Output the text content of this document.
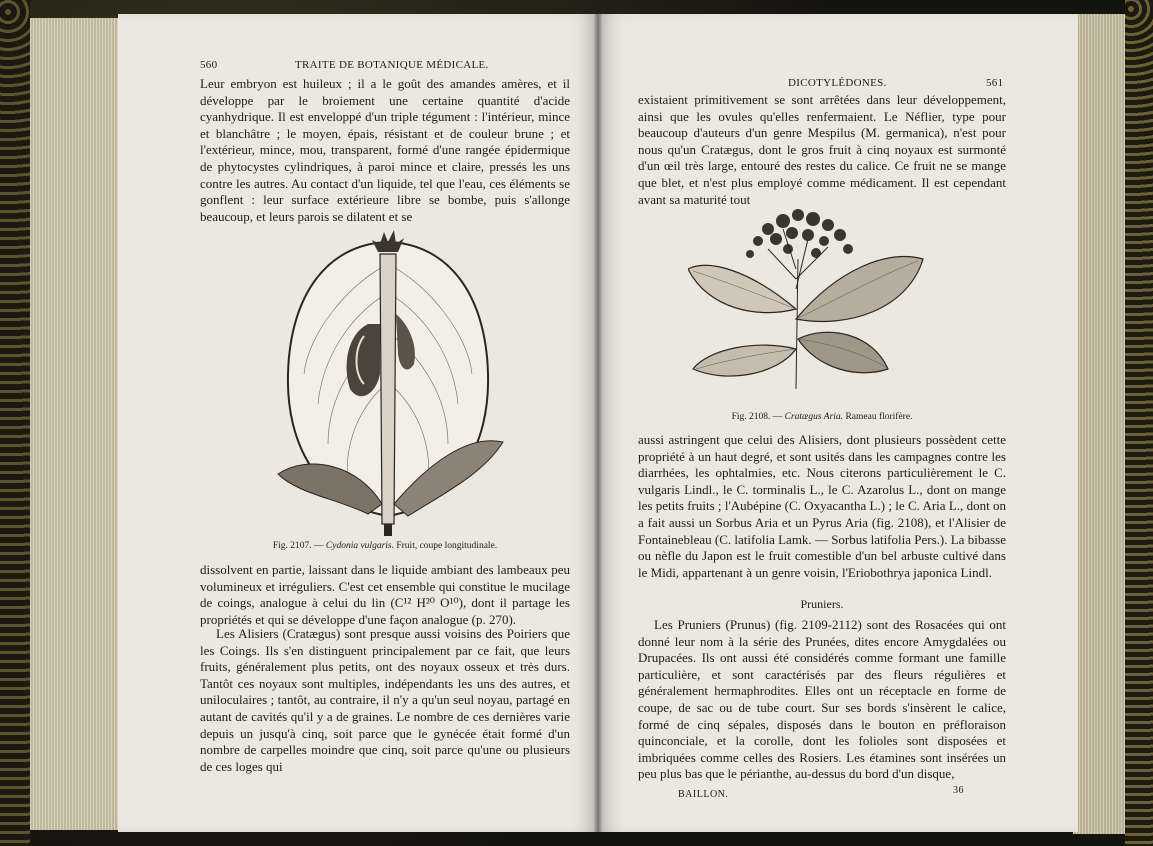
560	TRAITE DE BOTANIQUE MÉDICALE.

Leur embryon est huileux ; il a le goût des amandes amères, et il développe par le broiement une certaine quantité d'acide cyanhydrique. Il est enveloppé d'un triple tégument : l'intérieur, mince et blanchâtre ; le moyen, épais, résistant et de couleur brune ; et l'extérieur, mince, mou, transparent, formé d'une rangée épidermique de phytocystes cylindriques, à paroi mince et claire, pressés les uns contre les autres. Au contact d'un liquide, tel que l'eau, ces éléments se gonflent : leur surface extérieure libre se bombe, puis s'allonge beaucoup, et leurs parois se dilatent et se

Fig. 2107. — Cydonia vulgaris. Fruit, coupe longitudinale.

dissolvent en partie, laissant dans le liquide ambiant des lambeaux peu volumineux et irréguliers. C'est cet ensemble qui constitue le mucilage de coings, analogue à celui du lin (C¹² H²⁰ O¹⁰), dont il partage les propriétés et qui se développe d'une façon analogue (p. 270).

Les Alisiers (Cratægus) sont presque aussi voisins des Poiriers que les Coings. Ils s'en distinguent principalement par ce fait, que leurs fruits, généralement plus petits, ont des noyaux osseux et très durs. Tantôt ces noyaux sont multiples, indépendants les uns des autres, et uniloculaires ; tantôt, au contraire, il n'y a qu'un seul noyau, partagé en autant de cavités qu'il y a de graines. Le nombre de ces dernières varie depuis un jusqu'à cinq, soit parce que le gynécée était formé d'un nombre de carpelles moindre que cinq, soit parce qu'une ou plusieurs de ces loges qui

DICOTYLÉDONES.	561

existaient primitivement se sont arrêtées dans leur développement, ainsi que les ovules qu'elles renfermaient. Le Néflier, type pour beaucoup d'auteurs d'un genre Mespilus (M. germanica), n'est pour nous qu'un Cratægus, dont le gros fruit à cinq noyaux est surmonté d'un œil très large, entouré des restes du calice. Ce fruit ne se mange que blet, et n'est plus employé comme médicament. Il est cependant avant sa maturité tout

Fig. 2108. — Cratægus Aria. Rameau florifère.

aussi astringent que celui des Alisiers, dont plusieurs possèdent cette propriété à un haut degré, et sont usités dans les campagnes contre les diarrhées, les ophtalmies, etc. Nous citerons particulièrement le C. vulgaris Lindl., le C. torminalis L., le C. Azarolus L., dont on mange les petits fruits ; l'Aubépine (C. Oxyacantha L.) ; le C. Aria L., dont on a fait aussi un Sorbus Aria et un Pyrus Aria (fig. 2108), et l'Alisier de Fontainebleau (C. latifolia Lamk. — Sorbus latifolia Pers.). La bibasse ou nèfle du Japon est le fruit comestible d'un bel arbuste cultivé dans le Midi, appartenant à un genre voisin, l'Eriobothrya japonica Lindl.

Pruniers.

Les Pruniers (Prunus) (fig. 2109-2112) sont des Rosacées qui ont donné leur nom à la série des Prunées, dites encore Amygdalées ou Drupacées. Ils ont aussi été considérés comme formant une famille particulière, et sont caractérisés par des fleurs régulières et généralement hermaphrodites. Elles ont un réceptacle en forme de coupe, de sac ou de tube court. Sur ses bords s'insèrent le calice, formé de cinq sépales, disposés dans le bouton en préfloraison quinconciale, et la corolle, dont les folioles sont disposées et imbriquées comme celles des Rosiers. Les étamines sont insérées un peu plus bas que le périanthe, au-dessus du bord d'un disque,

BAILLON.	36
